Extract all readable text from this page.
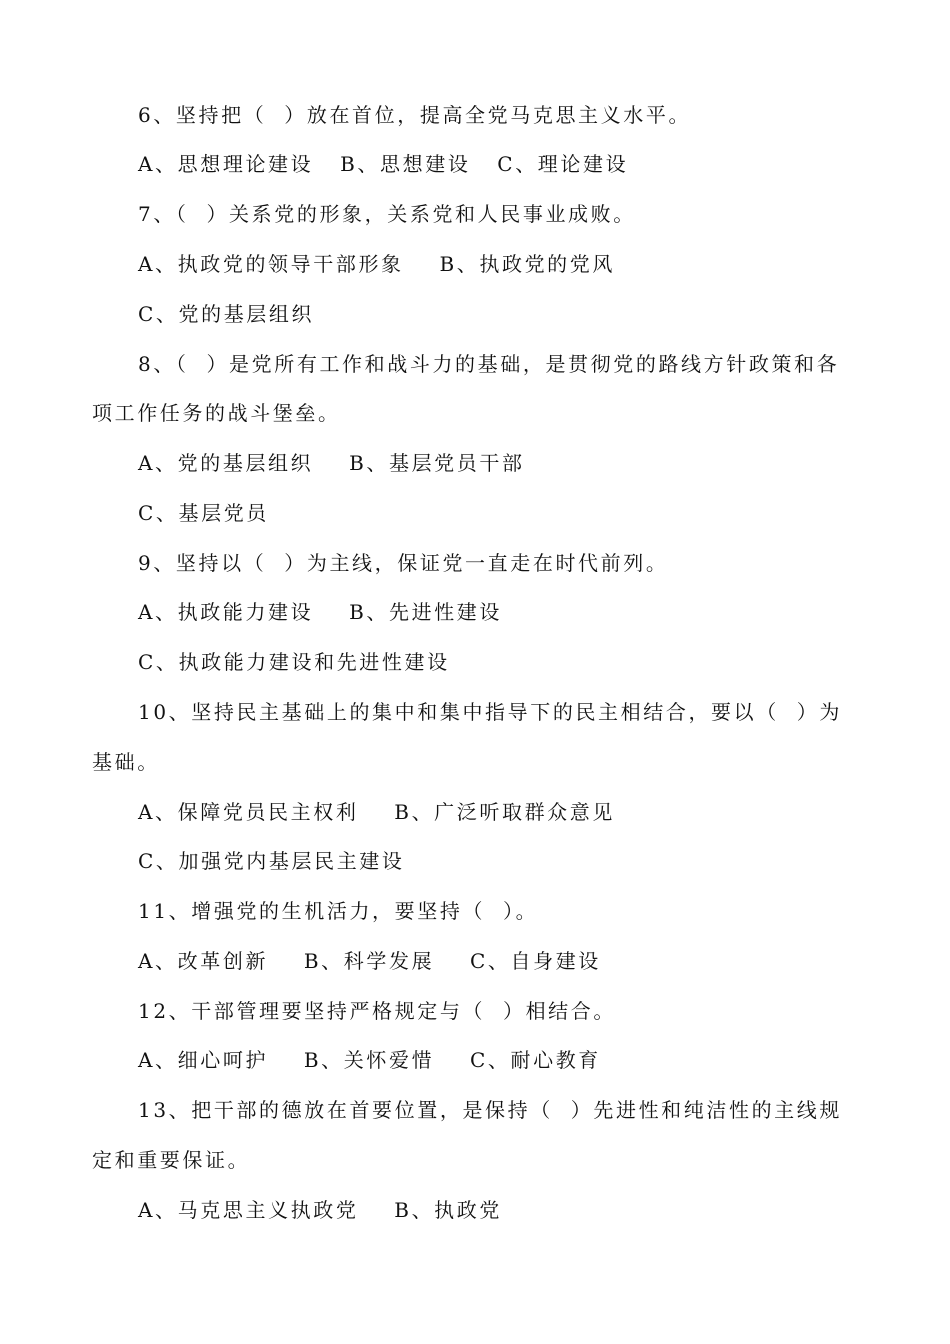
6、坚持把（  ）放在首位，提高全党马克思主义水平。
A、思想理论建设   B、思想建设   C、理论建设
7、（  ）关系党的形象，关系党和人民事业成败。
A、执政党的领导干部形象    B、执政党的党风
C、党的基层组织
8、（  ）是党所有工作和战斗力的基础，是贯彻党的路线方针政策和各
项工作任务的战斗堡垒。
A、党的基层组织    B、基层党员干部
C、基层党员
9、坚持以（  ）为主线，保证党一直走在时代前列。
A、执政能力建设    B、先进性建设
C、执政能力建设和先进性建设
10、坚持民主基础上的集中和集中指导下的民主相结合，要以（  ）为
基础。
A、保障党员民主权利    B、广泛听取群众意见
C、加强党内基层民主建设
11、增强党的生机活力，要坚持（  ）。
A、改革创新    B、科学发展    C、自身建设
12、干部管理要坚持严格规定与（  ）相结合。
A、细心呵护    B、关怀爱惜    C、耐心教育
13、把干部的德放在首要位置，是保持（  ）先进性和纯洁性的主线规
定和重要保证。
A、马克思主义执政党    B、执政党
